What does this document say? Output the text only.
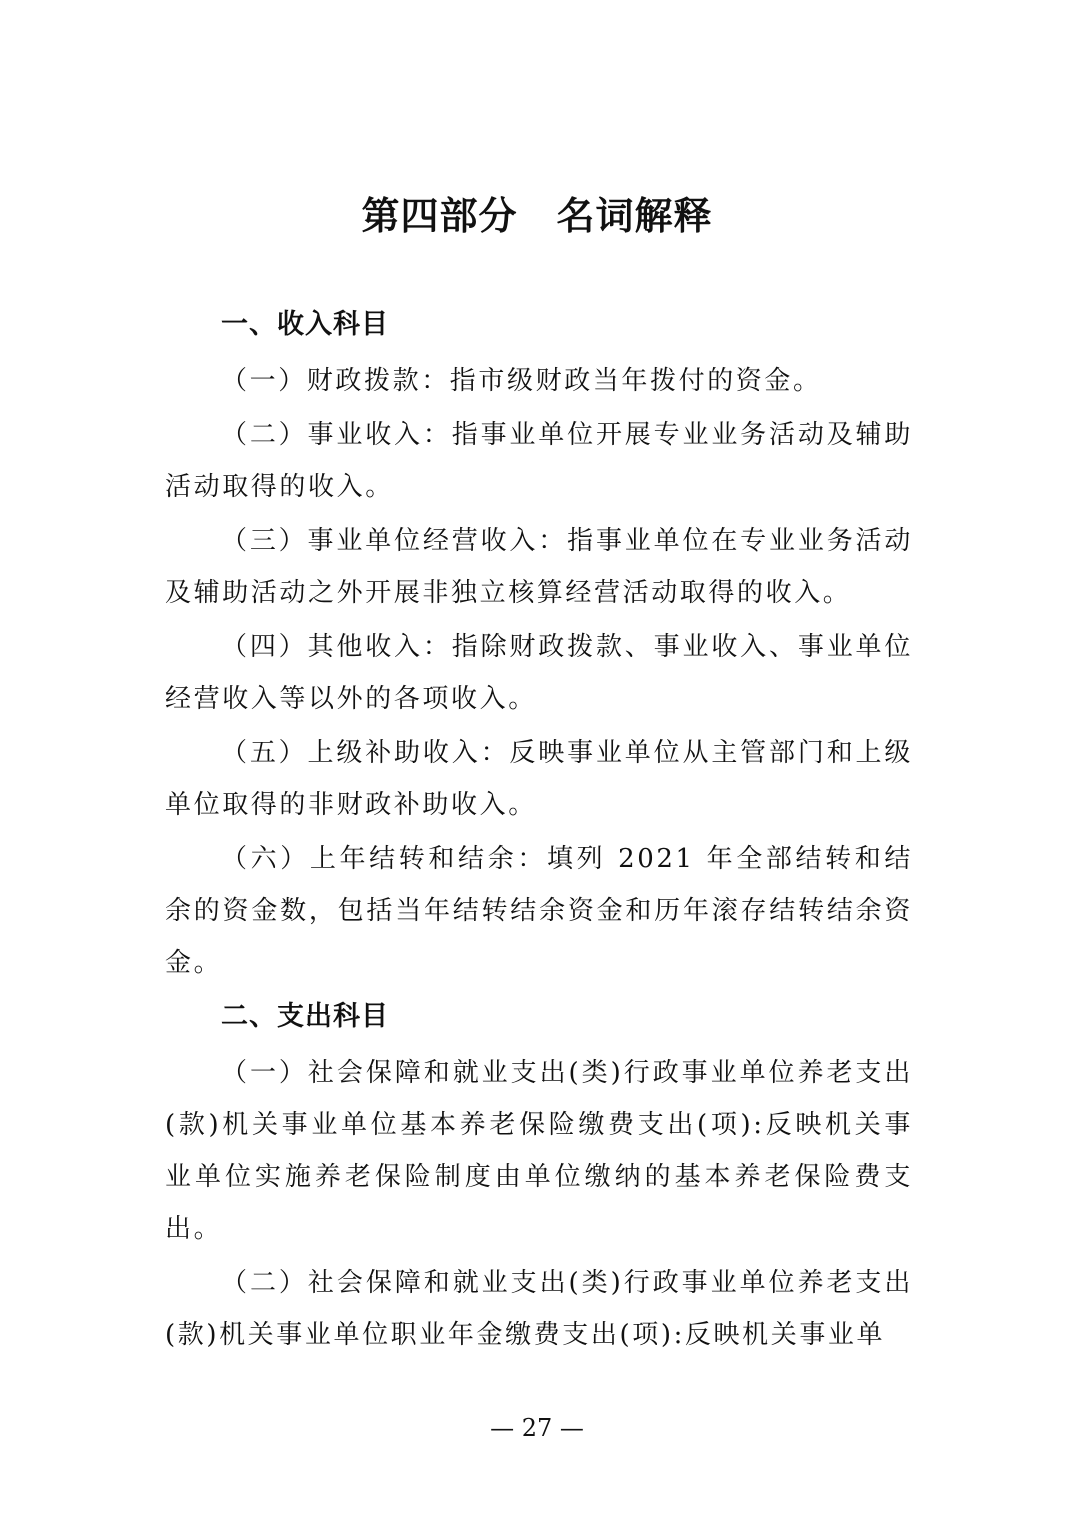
第四部分　名词解释
一、收入科目

（一）财政拨款：指市级财政当年拨付的资金。

（二）事业收入：指事业单位开展专业业务活动及辅助活动取得的收入。

（三）事业单位经营收入：指事业单位在专业业务活动及辅助活动之外开展非独立核算经营活动取得的收入。

（四）其他收入：指除财政拨款、事业收入、事业单位经营收入等以外的各项收入。

（五）上级补助收入：反映事业单位从主管部门和上级单位取得的非财政补助收入。

（六）上年结转和结余：填列 2021 年全部结转和结余的资金数，包括当年结转结余资金和历年滚存结转结余资金。

二、支出科目

（一）社会保障和就业支出(类)行政事业单位养老支出(款)机关事业单位基本养老保险缴费支出(项):反映机关事业单位实施养老保险制度由单位缴纳的基本养老保险费支出。

（二）社会保障和就业支出(类)行政事业单位养老支出(款)机关事业单位职业年金缴费支出(项):反映机关事业单

— 27 —
